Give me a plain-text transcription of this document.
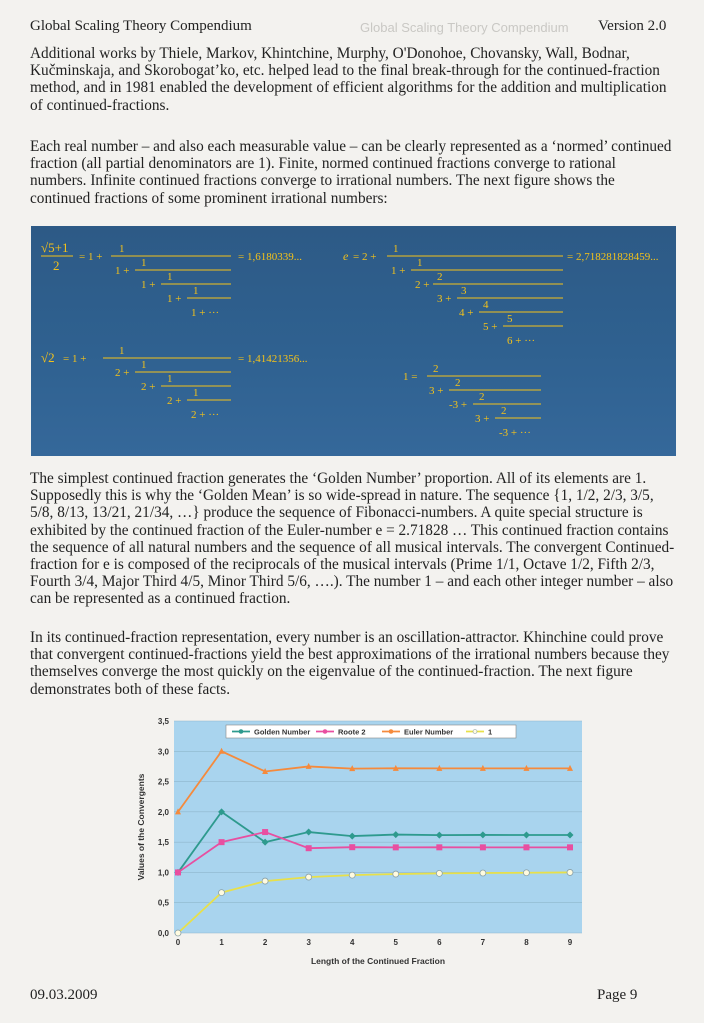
Global Scaling Theory Compendium
Global Scaling Theory Compendium	Version 2.0
Additional works by Thiele, Markov, Khintchine, Murphy, O'Donohoe, Chovansky, Wall, Bodnar, Kučminskaja, and Skorobogat’ko, etc. helped lead to the final break-through for the continued-fraction method, and in 1981 enabled the development of efficient algorithms for the addition and multiplication of continued-fractions.
Each real number – and also each measurable value – can be clearly represented as a ‘normed’ continued fraction (all partial denominators are 1). Finite, normed continued fractions converge to rational numbers. Infinite continued fractions converge to irrational numbers. The next figure shows the continued fractions of some prominent irrational numbers:
√5+1
2
= 1 +
1
1 +
1
1 +
1
1 +
1
1 + ···
= 1,6180339...	e = 2 +
1
1 +
1
2 +
2
3 +
3
4 +
4
5 +
5
6 + ···
= 2,718281828459...
√2 = 1 +
1
2 +
1
2 +
1
2 +
1
2 + ···
= 1,41421356...
1 =
2
3 +
2
-3 +
2
3 +
2
-3 + ···
The simplest continued fraction generates the ‘Golden Number’ proportion. All of its elements are 1. Supposedly this is why the ‘Golden Mean’ is so wide-spread in nature. The sequence {1, 1/2, 2/3, 3/5, 5/8, 8/13, 13/21, 21/34, …} produce the sequence of Fibonacci-numbers. A quite special structure is exhibited by the continued fraction of the Euler-number e = 2.71828 … This continued fraction contains the sequence of all natural numbers and the sequence of all musical intervals. The convergent Continued-fraction for e is composed of the reciprocals of the musical intervals (Prime 1/1, Octave 1/2, Fifth 2/3, Fourth 3/4, Major Third 4/5, Minor Third 5/6, ….). The number 1 – and each other integer number – also can be represented as a continued fraction.
In its continued-fraction representation, every number is an oscillation-attractor. Khinchine could prove that convergent continued-fractions yield the best approximations of the irrational numbers because they themselves converge the most quickly on the eigenvalue of the continued-fraction. The next figure demonstrates both of these facts.
0,0
0,5
1,0
1,5
2,0
2,5
3,0
3,5
0	1	2	3	4	5	6	7	8	9
Golden Number	Roote 2	Euler Number	1
Length of the Continued Fraction
Values of the Convergents
09.03.2009	Page 9
